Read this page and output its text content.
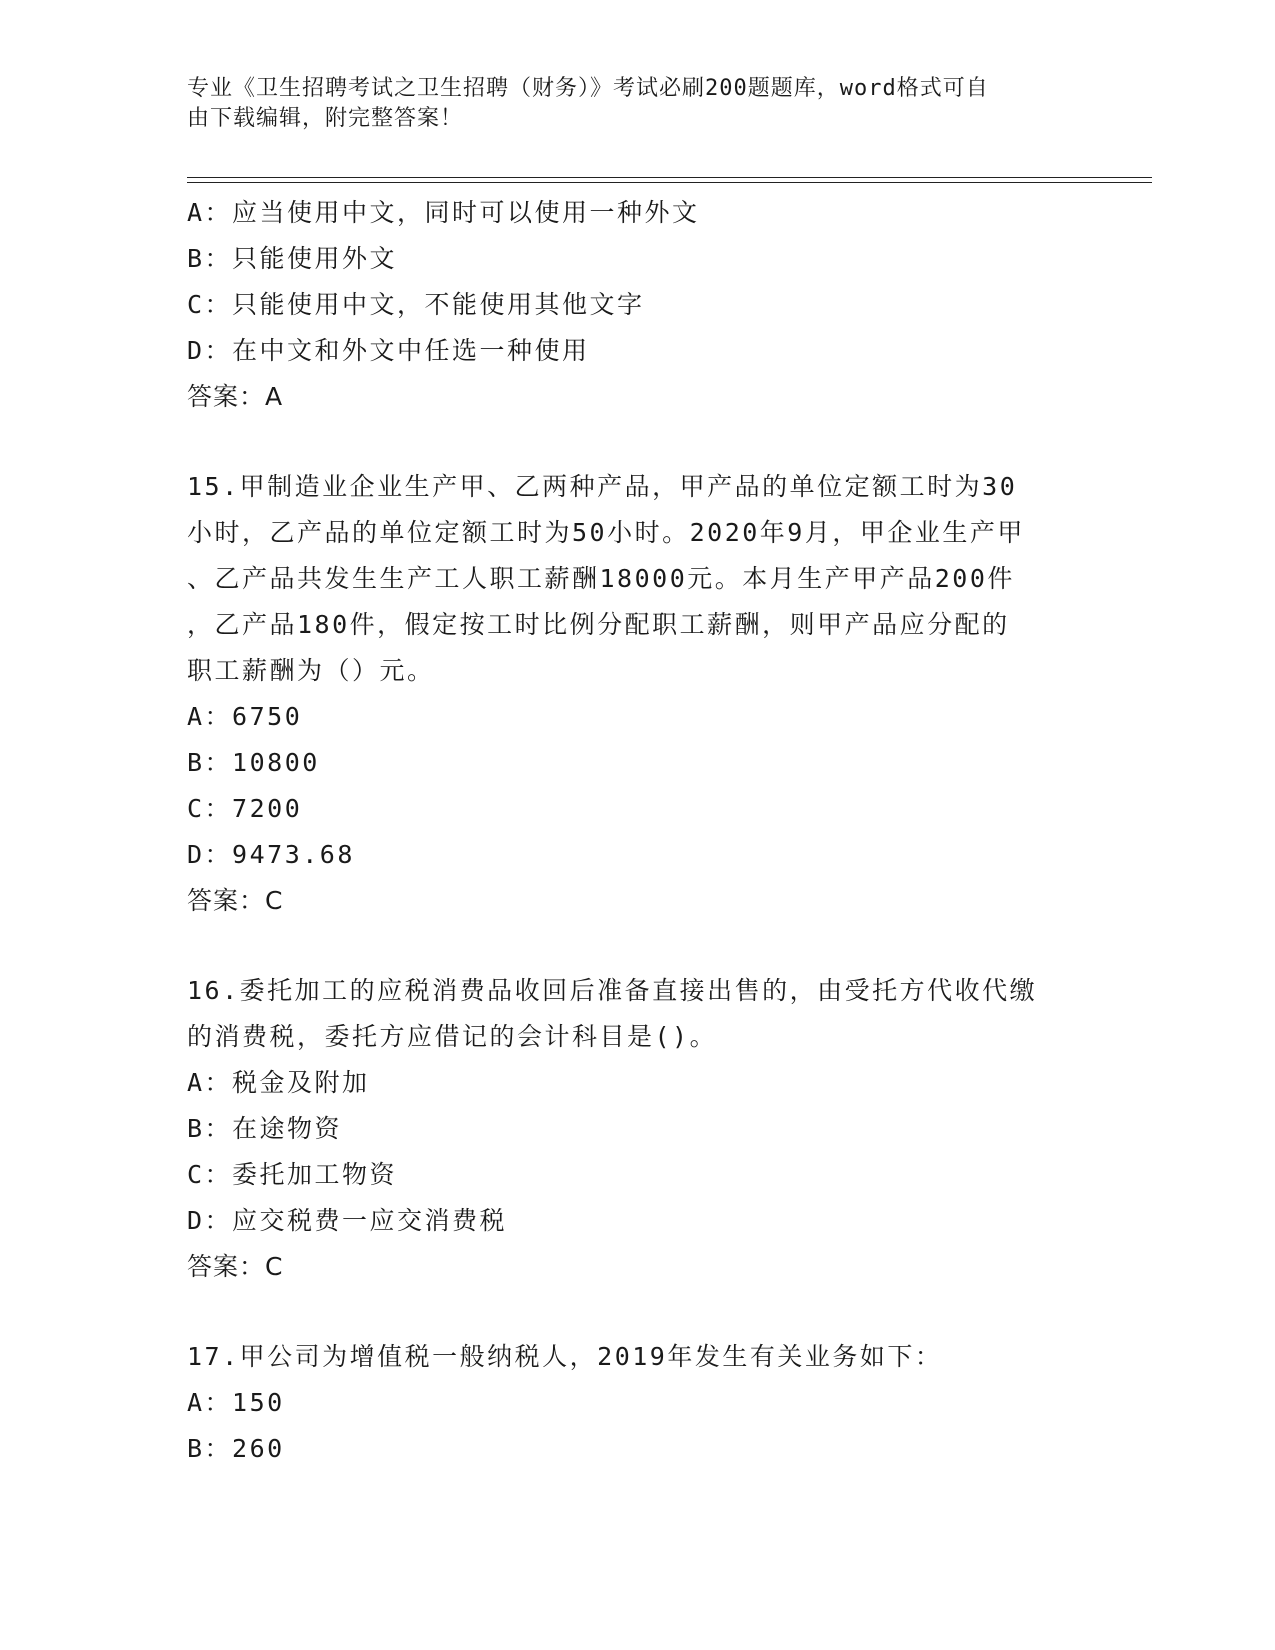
专业《卫生招聘考试之卫生招聘（财务）》考试必刷200题题库，word格式可自
由下载编辑，附完整答案！
A：应当使用中文，同时可以使用一种外文
B：只能使用外文
C：只能使用中文，不能使用其他文字
D：在中文和外文中任选一种使用
答案：A
15.甲制造业企业生产甲、乙两种产品，甲产品的单位定额工时为30
小时，乙产品的单位定额工时为50小时。2020年9月，甲企业生产甲
、乙产品共发生生产工人职工薪酬18000元。本月生产甲产品200件
，乙产品180件，假定按工时比例分配职工薪酬，则甲产品应分配的
职工薪酬为（）元。
A：6750
B：10800
C：7200
D：9473.68
答案：C
16.委托加工的应税消费品收回后准备直接出售的，由受托方代收代缴
的消费税，委托方应借记的会计科目是()。
A：税金及附加
B：在途物资
C：委托加工物资
D：应交税费一应交消费税
答案：C
17.甲公司为增值税一般纳税人，2019年发生有关业务如下：
A：150
B：260
